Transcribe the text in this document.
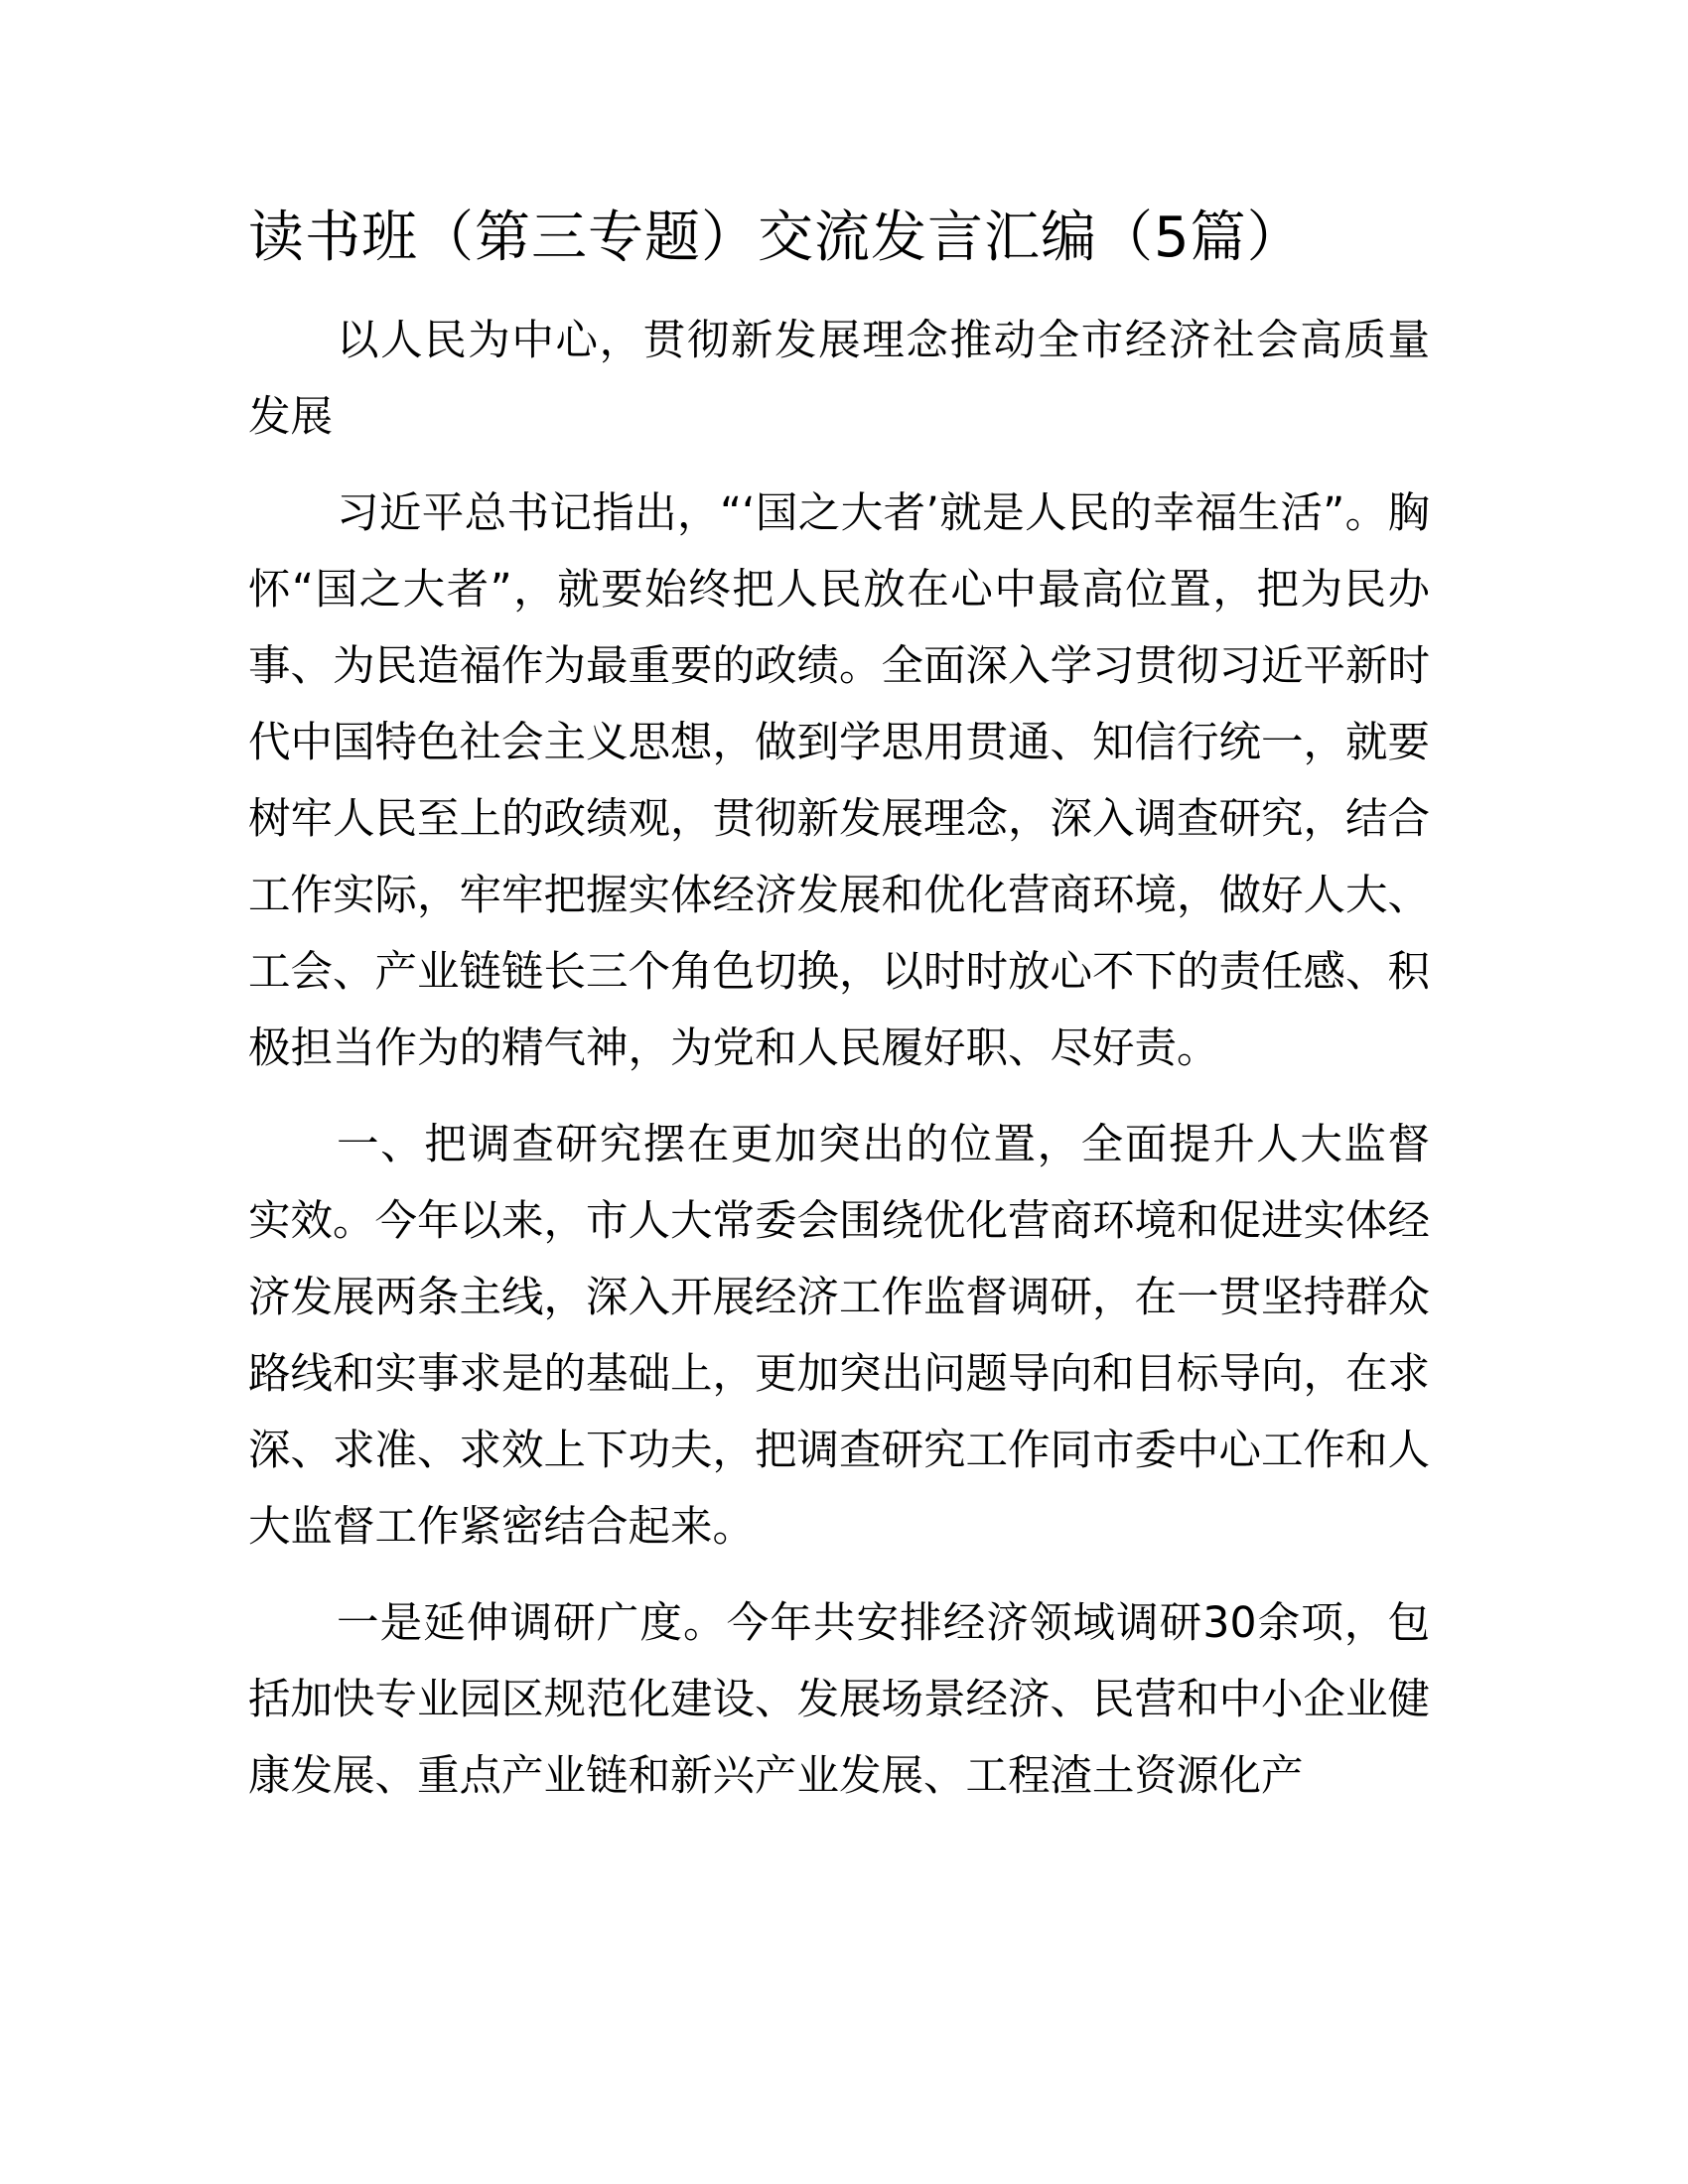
读书班（第三专题）交流发言汇编（5篇）

以人民为中心，贯彻新发展理念推动全市经济社会高质量发展

习近平总书记指出，“‘国之大者’就是人民的幸福生活”。胸怀“国之大者”，就要始终把人民放在心中最高位置，把为民办事、为民造福作为最重要的政绩。全面深入学习贯彻习近平新时代中国特色社会主义思想，做到学思用贯通、知信行统一，就要树牢人民至上的政绩观，贯彻新发展理念，深入调查研究，结合工作实际，牢牢把握实体经济发展和优化营商环境，做好人大、工会、产业链链长三个角色切换，以时时放心不下的责任感、积极担当作为的精气神，为党和人民履好职、尽好责。

一、把调查研究摆在更加突出的位置，全面提升人大监督实效。今年以来，市人大常委会围绕优化营商环境和促进实体经济发展两条主线，深入开展经济工作监督调研，在一贯坚持群众路线和实事求是的基础上，更加突出问题导向和目标导向，在求深、求准、求效上下功夫，把调查研究工作同市委中心工作和人大监督工作紧密结合起来。

一是延伸调研广度。今年共安排经济领域调研30余项，包括加快专业园区规范化建设、发展场景经济、民营和中小企业健康发展、重点产业链和新兴产业发展、工程渣土资源化产
